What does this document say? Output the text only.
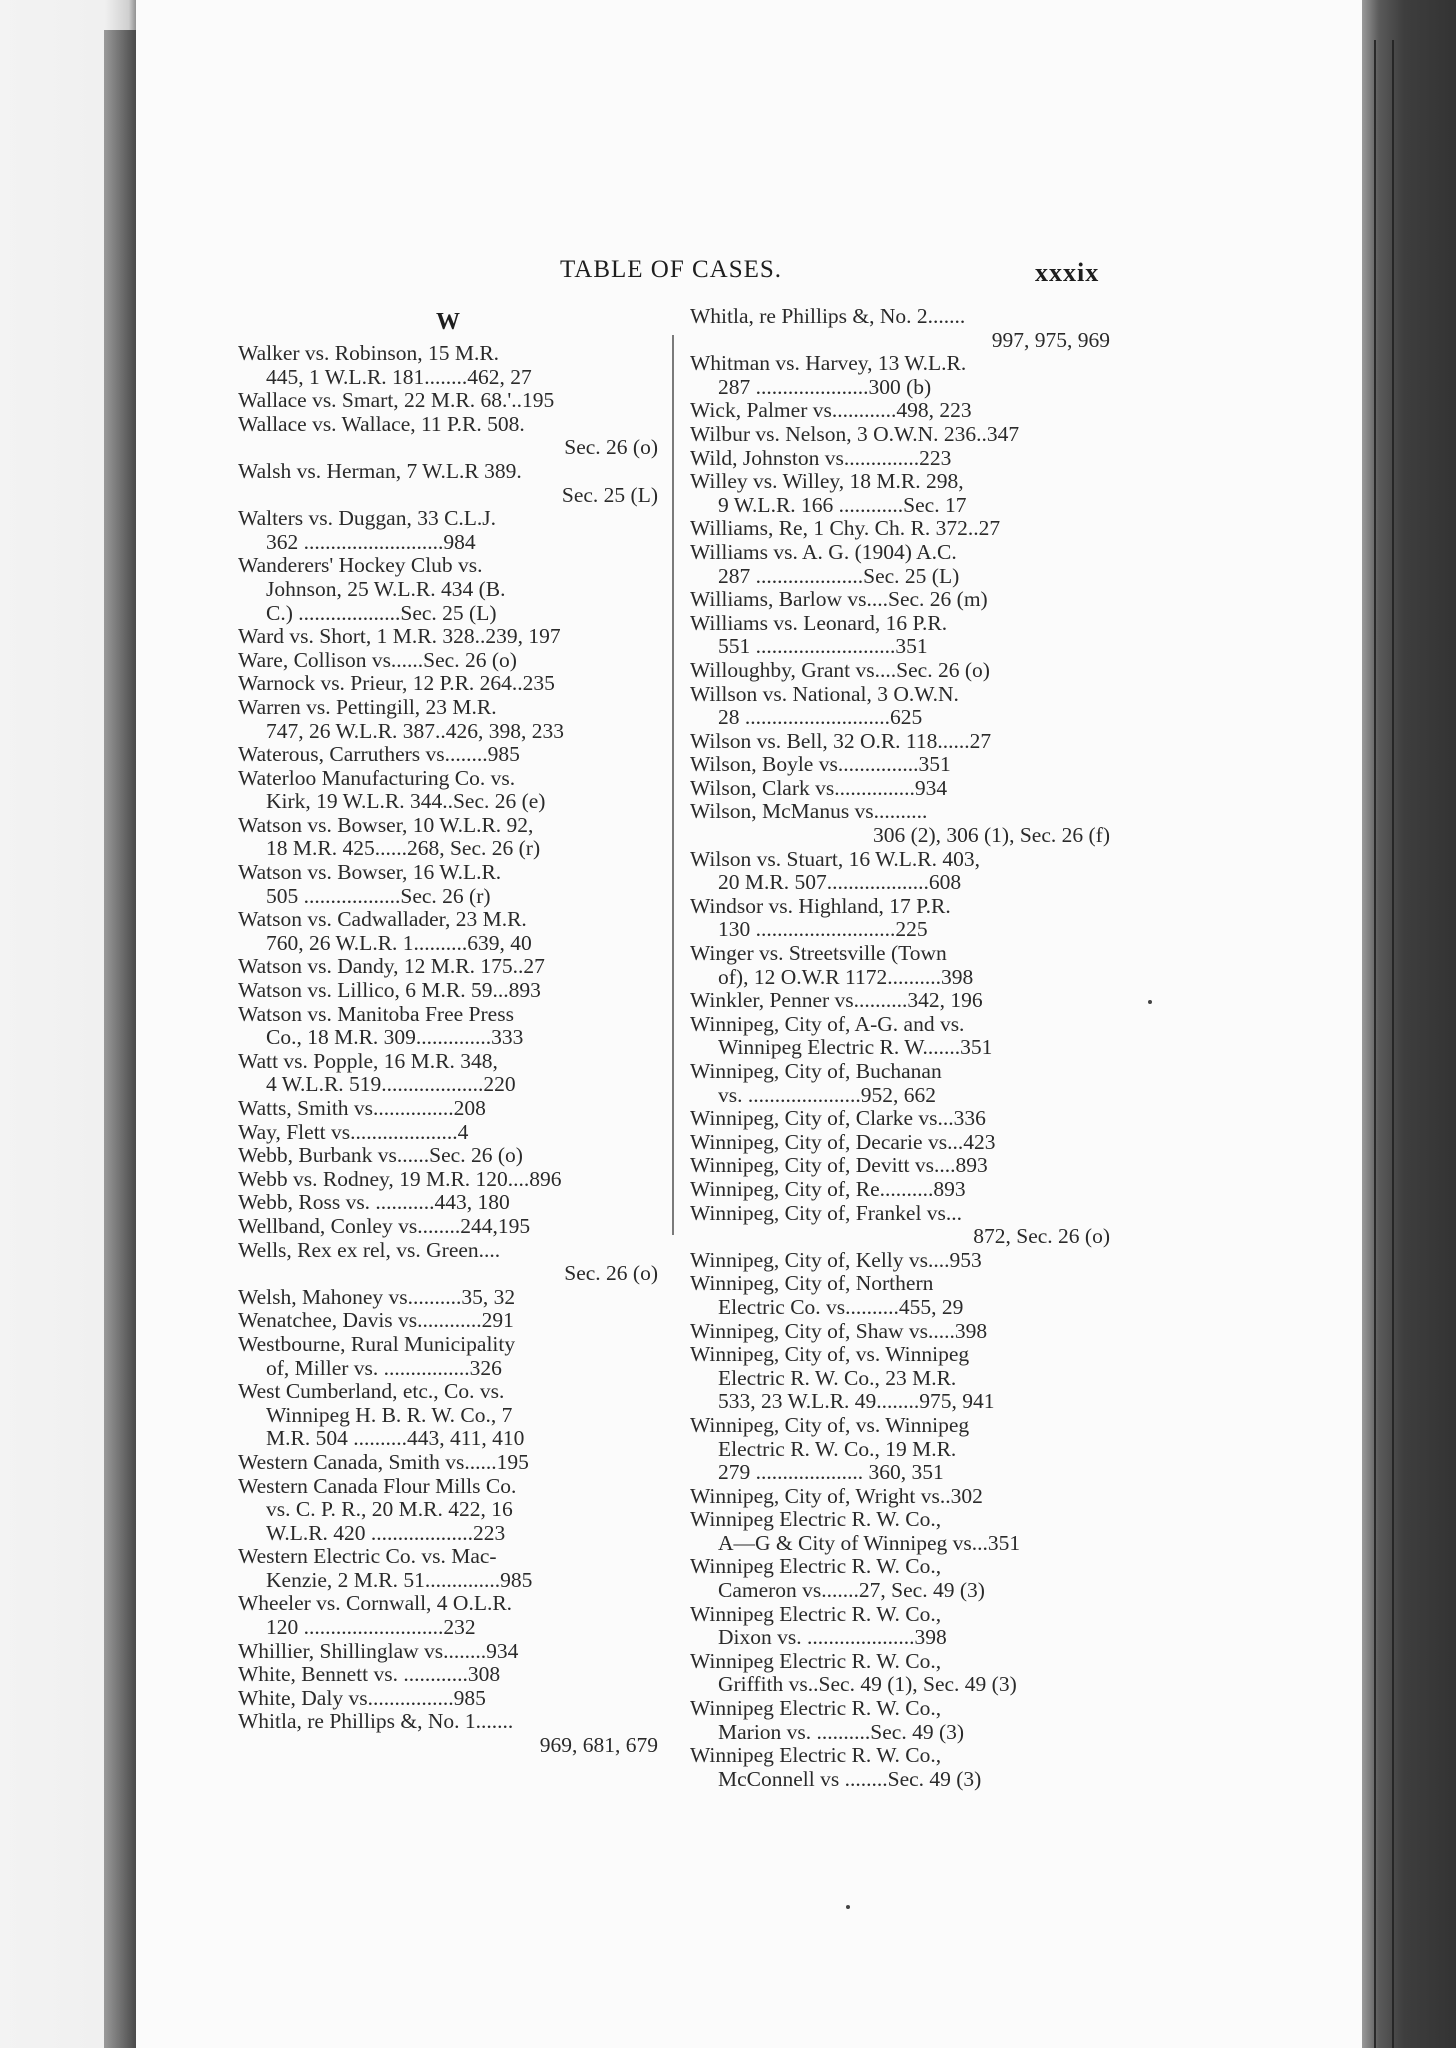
TABLE OF CASES.	xxxix
W
Walker vs. Robinson, 15 M.R.
445, 1 W.L.R. 181........462, 27
Wallace vs. Smart, 22 M.R. 68.'..195
Wallace vs. Wallace, 11 P.R. 508.
Sec. 26 (o)
Walsh vs. Herman, 7 W.L.R 389.
Sec. 25 (L)
Walters vs. Duggan, 33 C.L.J.
362 ..........................984
Wanderers' Hockey Club vs.
Johnson, 25 W.L.R. 434 (B.
C.) ...................Sec. 25 (L)
Ward vs. Short, 1 M.R. 328..239, 197
Ware, Collison vs......Sec. 26 (o)
Warnock vs. Prieur, 12 P.R. 264..235
Warren vs. Pettingill, 23 M.R.
747, 26 W.L.R. 387..426, 398, 233
Waterous, Carruthers vs........985
Waterloo Manufacturing Co. vs.
Kirk, 19 W.L.R. 344..Sec. 26 (e)
Watson vs. Bowser, 10 W.L.R. 92,
18 M.R. 425......268, Sec. 26 (r)
Watson vs. Bowser, 16 W.L.R.
505 ..................Sec. 26 (r)
Watson vs. Cadwallader, 23 M.R.
760, 26 W.L.R. 1..........639, 40
Watson vs. Dandy, 12 M.R. 175..27
Watson vs. Lillico, 6 M.R. 59...893
Watson vs. Manitoba Free Press
Co., 18 M.R. 309..............333
Watt vs. Popple, 16 M.R. 348,
4 W.L.R. 519...................220
Watts, Smith vs...............208
Way, Flett vs....................4
Webb, Burbank vs......Sec. 26 (o)
Webb vs. Rodney, 19 M.R. 120....896
Webb, Ross vs. ...........443, 180
Wellband, Conley vs........244,195
Wells, Rex ex rel, vs. Green....
Sec. 26 (o)
Welsh, Mahoney vs..........35, 32
Wenatchee, Davis vs............291
Westbourne, Rural Municipality
of, Miller vs. ................326
West Cumberland, etc., Co. vs.
Winnipeg H. B. R. W. Co., 7
M.R. 504 ..........443, 411, 410
Western Canada, Smith vs......195
Western Canada Flour Mills Co.
vs. C. P. R., 20 M.R. 422, 16
W.L.R. 420 ...................223
Western Electric Co. vs. Mac-
Kenzie, 2 M.R. 51..............985
Wheeler vs. Cornwall, 4 O.L.R.
120 ..........................232
Whillier, Shillinglaw vs........934
White, Bennett vs. ............308
White, Daly vs................985
Whitla, re Phillips &, No. 1.......
969, 681, 679
Whitla, re Phillips &, No. 2.......
997, 975, 969
Whitman vs. Harvey, 13 W.L.R.
287 .....................300 (b)
Wick, Palmer vs............498, 223
Wilbur vs. Nelson, 3 O.W.N. 236..347
Wild, Johnston vs..............223
Willey vs. Willey, 18 M.R. 298,
9 W.L.R. 166 ............Sec. 17
Williams, Re, 1 Chy. Ch. R. 372..27
Williams vs. A. G. (1904) A.C.
287 ....................Sec. 25 (L)
Williams, Barlow vs....Sec. 26 (m)
Williams vs. Leonard, 16 P.R.
551 ..........................351
Willoughby, Grant vs....Sec. 26 (o)
Willson vs. National, 3 O.W.N.
28 ...........................625
Wilson vs. Bell, 32 O.R. 118......27
Wilson, Boyle vs...............351
Wilson, Clark vs...............934
Wilson, McManus vs..........
306 (2), 306 (1), Sec. 26 (f)
Wilson vs. Stuart, 16 W.L.R. 403,
20 M.R. 507...................608
Windsor vs. Highland, 17 P.R.
130 ..........................225
Winger vs. Streetsville (Town
of), 12 O.W.R 1172..........398
Winkler, Penner vs..........342, 196
Winnipeg, City of, A-G. and vs.
Winnipeg Electric R. W.......351
Winnipeg, City of, Buchanan
vs. .....................952, 662
Winnipeg, City of, Clarke vs...336
Winnipeg, City of, Decarie vs...423
Winnipeg, City of, Devitt vs....893
Winnipeg, City of, Re..........893
Winnipeg, City of, Frankel vs...
872, Sec. 26 (o)
Winnipeg, City of, Kelly vs....953
Winnipeg, City of, Northern
Electric Co. vs..........455, 29
Winnipeg, City of, Shaw vs.....398
Winnipeg, City of, vs. Winnipeg
Electric R. W. Co., 23 M.R.
533, 23 W.L.R. 49........975, 941
Winnipeg, City of, vs. Winnipeg
Electric R. W. Co., 19 M.R.
279 .................... 360, 351
Winnipeg, City of, Wright vs..302
Winnipeg Electric R. W. Co.,
A—G & City of Winnipeg vs...351
Winnipeg Electric R. W. Co.,
Cameron vs.......27, Sec. 49 (3)
Winnipeg Electric R. W. Co.,
Dixon vs. ....................398
Winnipeg Electric R. W. Co.,
Griffith vs..Sec. 49 (1), Sec. 49 (3)
Winnipeg Electric R. W. Co.,
Marion vs. ..........Sec. 49 (3)
Winnipeg Electric R. W. Co.,
McConnell vs ........Sec. 49 (3)
